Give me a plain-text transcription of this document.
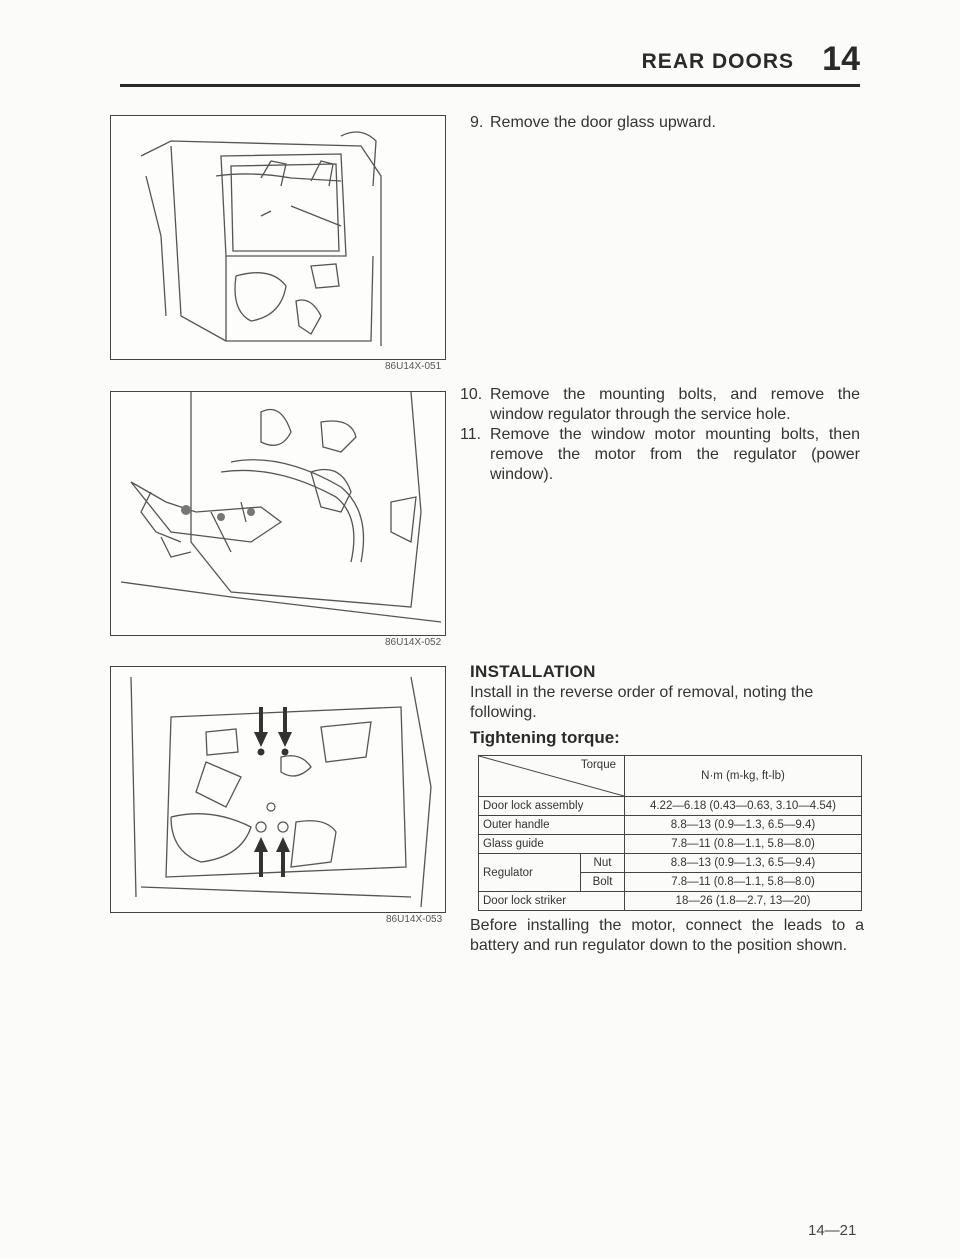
REAR DOORS 14
86U14X-051
86U14X-052
86U14X-053
9. Remove the door glass upward.
10. Remove the mounting bolts, and remove the window regulator through the service hole.
11. Remove the window motor mounting bolts, then remove the motor from the regulator (power window).
INSTALLATION
Install in the reverse order of removal, noting the following.
Tightening torque:
Torque		N·m (m-kg, ft-lb)
Door lock assembly		4.22—6.18 (0.43—0.63, 3.10—4.54)
Outer handle		8.8—13 (0.9—1.3, 6.5—9.4)
Glass guide		7.8—11 (0.8—1.1, 5.8—8.0)
Regulator	Nut	8.8—13 (0.9—1.3, 6.5—9.4)
	Bolt	7.8—11 (0.8—1.1, 5.8—8.0)
Door lock striker		18—26 (1.8—2.7, 13—20)
Before installing the motor, connect the leads to a battery and run regulator down to the position shown.
14—21
